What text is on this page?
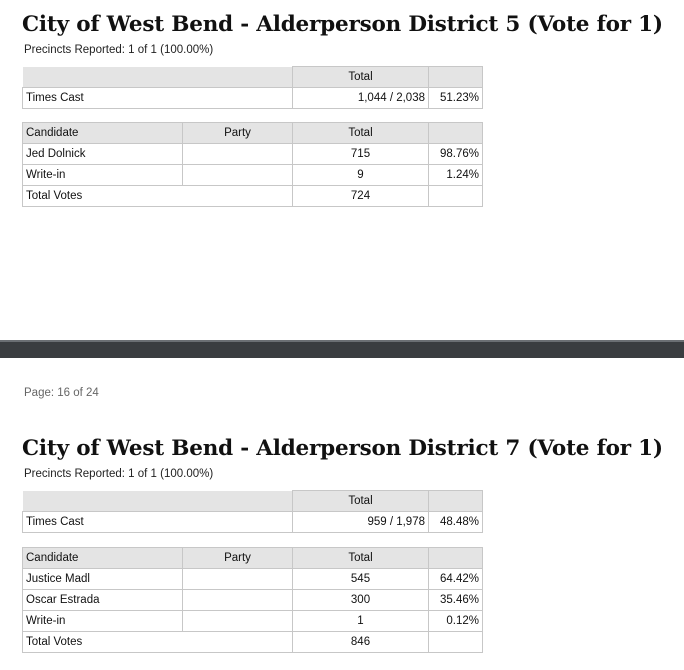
City of West Bend - Alderperson District 5 (Vote for 1)
Precincts Reported: 1 of 1 (100.00%)
	Total	
Times Cast	1,044 / 2,038	51.23%
Candidate	Party	Total	
Jed Dolnick		715	98.76%
Write-in		9	1.24%
Total Votes		724	
Page: 16 of 24
City of West Bend - Alderperson District 7 (Vote for 1)
Precincts Reported: 1 of 1 (100.00%)
	Total	
Times Cast	959 / 1,978	48.48%
Candidate	Party	Total	
Justice Madl		545	64.42%
Oscar Estrada		300	35.46%
Write-in		1	0.12%
Total Votes		846	
